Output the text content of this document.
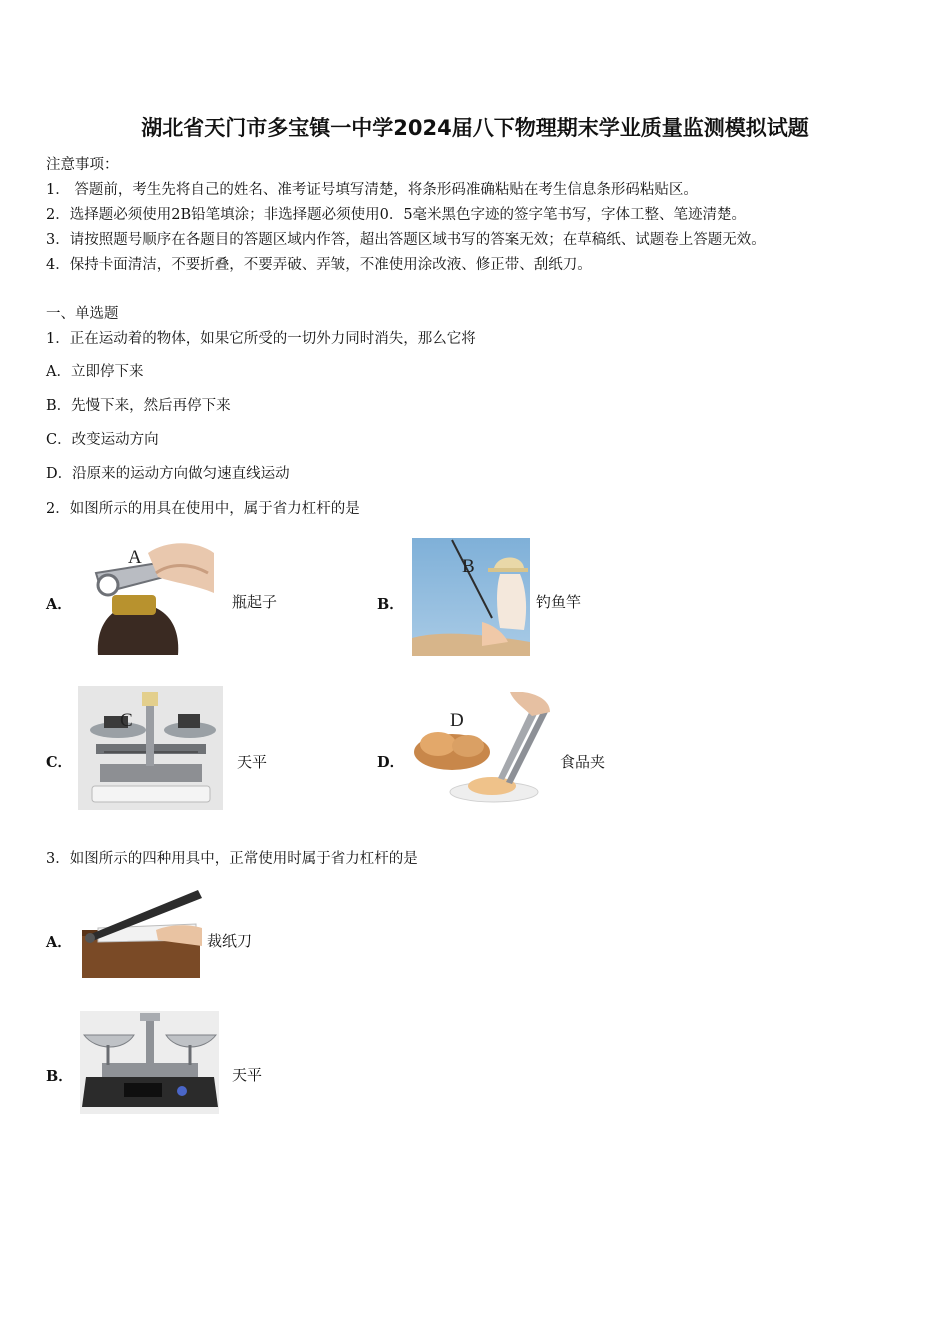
湖北省天门市多宝镇一中学2024届八下物理期末学业质量监测模拟试题
注意事项：
1． 答题前，考生先将自己的姓名、准考证号填写清楚，将条形码准确粘贴在考生信息条形码粘贴区。
2．选择题必须使用2B铅笔填涂；非选择题必须使用0．5毫米黑色字迹的签字笔书写，字体工整、笔迹清楚。
3．请按照题号顺序在各题目的答题区域内作答，超出答题区域书写的答案无效；在草稿纸、试题卷上答题无效。
4．保持卡面清洁，不要折叠，不要弄破、弄皱，不准使用涂改液、修正带、刮纸刀。
一、单选题
1．正在运动着的物体，如果它所受的一切外力同时消失，那么它将
A．立即停下来
B．先慢下来，然后再停下来
C．改变运动方向
D．沿原来的运动方向做匀速直线运动
2．如图所示的用具在使用中，属于省力杠杆的是
A．
A
瓶起子	B．
B
钓鱼竿
C．
C
天平	D．
D
食品夹
3．如图所示的四种用具中，正常使用时属于省力杠杆的是
A．	裁纸刀
B．	天平
